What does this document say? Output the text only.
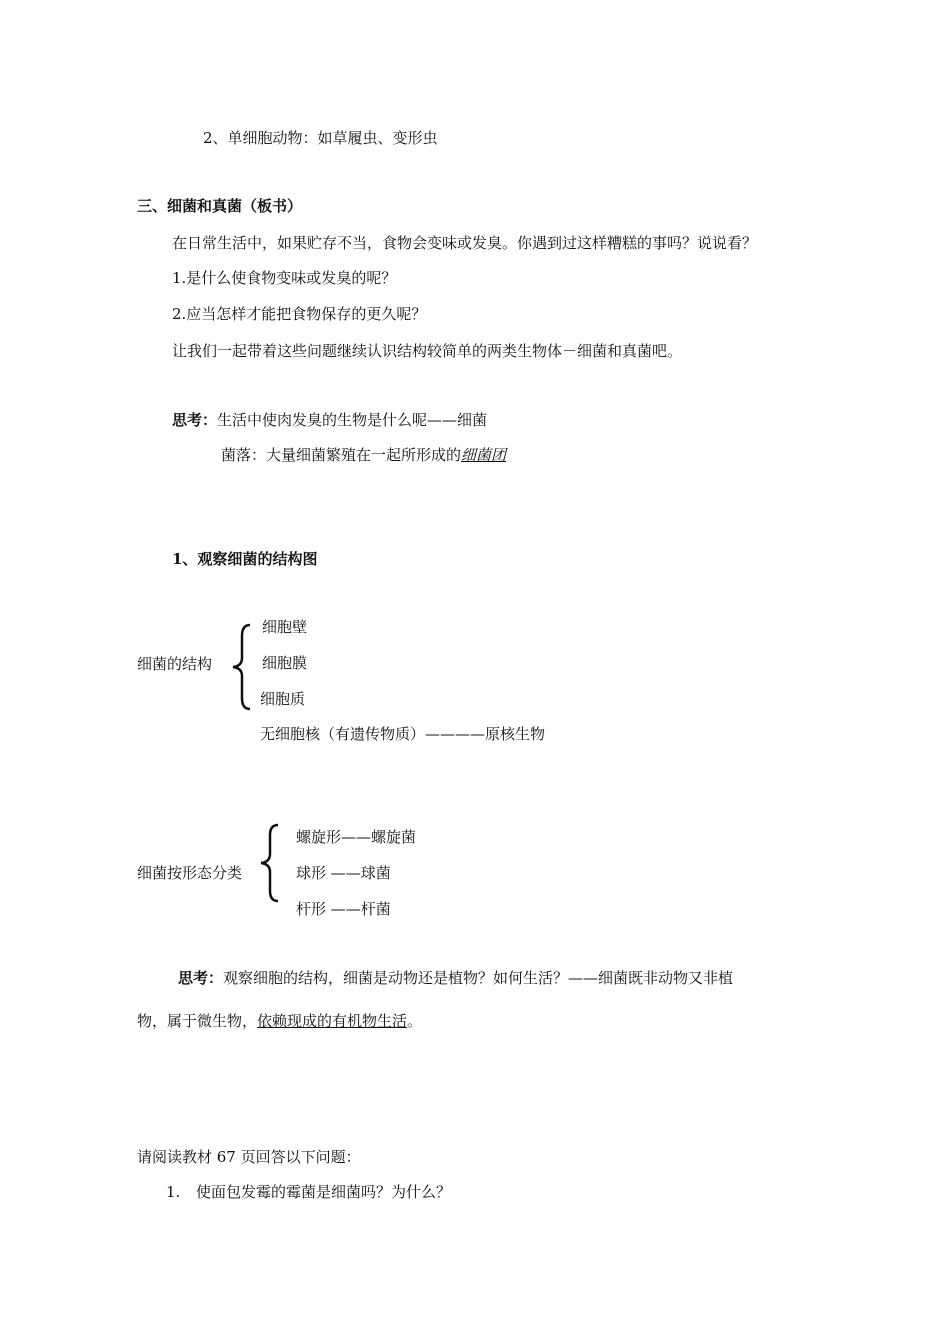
2、单细胞动物：如草履虫、变形虫
三、细菌和真菌（板书）
在日常生活中，如果贮存不当，食物会变味或发臭。你遇到过这样糟糕的事吗？说说看？
1.是什么使食物变味或发臭的呢？
2.应当怎样才能把食物保存的更久呢？
让我们一起带着这些问题继续认识结构较简单的两类生物体－细菌和真菌吧。
思考：生活中使肉发臭的生物是什么呢——细菌
菌落：大量细菌繁殖在一起所形成的细菌团
1、观察细菌的结构图
细菌的结构
细胞壁
细胞膜
细胞质
无细胞核（有遗传物质）————原核生物
细菌按形态分类
螺旋形——螺旋菌
球形 ——球菌
杆形 ——杆菌
思考：观察细胞的结构，细菌是动物还是植物？如何生活？——细菌既非动物又非植
物，属于微生物，依赖现成的有机物生活。
请阅读教材 67 页回答以下问题：
1. 使面包发霉的霉菌是细菌吗？为什么？
